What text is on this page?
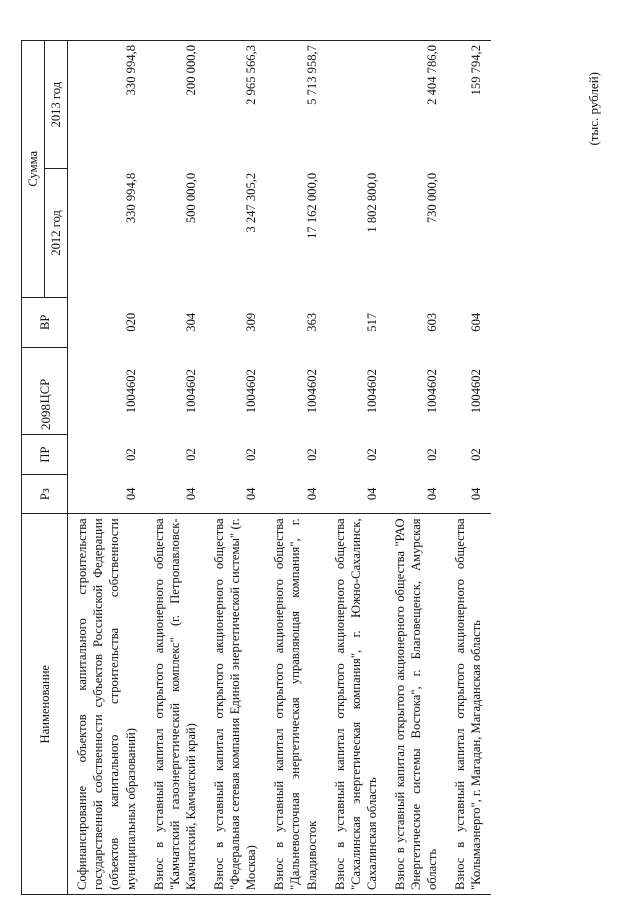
2098
(тыс. рублей)
Наименование	Рз	ПР	ЦСР	ВР	Сумма	
					2012 год	2013 год
Софинансирование объектов капитального строительства государственной собственности субъектов Российской Федерации (объектов капитального строительства собственности муниципальных образований)	04	02	1004602	020	330 994,8	330 994,8
Взнос в уставный капитал открытого акционерного общества "Камчатский газоэнергетический комплекс" (г. Петропавловск-Камчатский, Камчатский край)	04	02	1004602	304	500 000,0	200 000,0
Взнос в уставный капитал открытого акционерного общества "Федеральная сетевая компания Единой энергетической системы" (г. Москва)	04	02	1004602	309	3 247 305,2	2 965 566,3
Взнос в уставный капитал открытого акционерного общества "Дальневосточная энергетическая управляющая компания", г. Владивосток	04	02	1004602	363	17 162 000,0	5 713 958,7
Взнос в уставный капитал открытого акционерного общества "Сахалинская энергетическая компания", г. Южно-Сахалинск, Сахалинская область	04	02	1004602	517	1 802 800,0	
Взнос в уставный капитал открытого акционерного общества "РАО Энергетические системы Востока", г. Благовещенск, Амурская область	04	02	1004602	603	730 000,0	2 404 786,0
Взнос в уставный капитал открытого акционерного общества "Колымаэнерго", г. Магадан, Магаданская область	04	02	1004602	604		159 794,2
